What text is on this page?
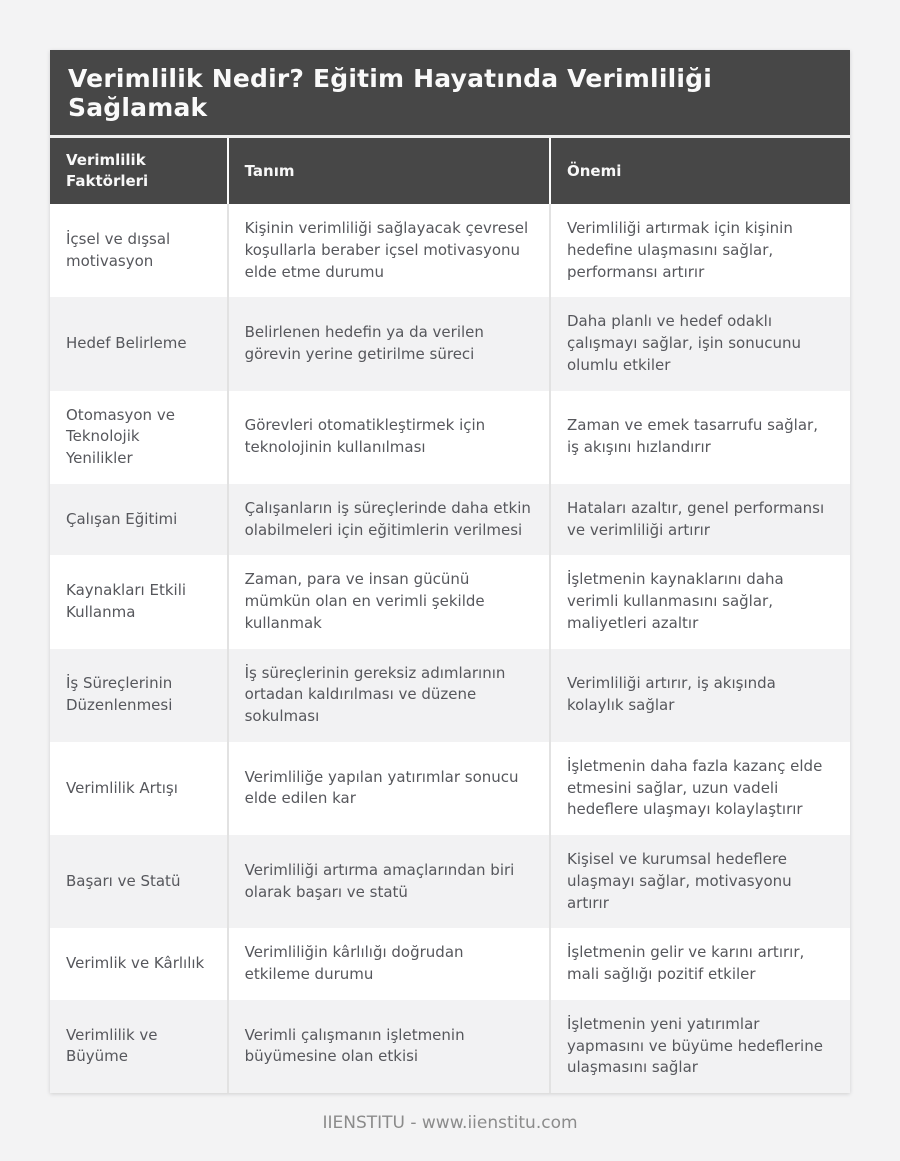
Verimlilik Nedir? Eğitim Hayatında Verimliliği Sağlamak
Verimlilik Faktörleri	Tanım	Önemi
İçsel ve dışsal motivasyon	Kişinin verimliliği sağlayacak çevresel koşullarla beraber içsel motivasyonu elde etme durumu	Verimliliği artırmak için kişinin hedefine ulaşmasını sağlar, performansı artırır
Hedef Belirleme	Belirlenen hedefin ya da verilen görevin yerine getirilme süreci	Daha planlı ve hedef odaklı çalışmayı sağlar, işin sonucunu olumlu etkiler
Otomasyon ve Teknolojik Yenilikler	Görevleri otomatikleştirmek için teknolojinin kullanılması	Zaman ve emek tasarrufu sağlar, iş akışını hızlandırır
Çalışan Eğitimi	Çalışanların iş süreçlerinde daha etkin olabilmeleri için eğitimlerin verilmesi	Hataları azaltır, genel performansı ve verimliliği artırır
Kaynakları Etkili Kullanma	Zaman, para ve insan gücünü mümkün olan en verimli şekilde kullanmak	İşletmenin kaynaklarını daha verimli kullanmasını sağlar, maliyetleri azaltır
İş Süreçlerinin Düzenlenmesi	İş süreçlerinin gereksiz adımlarının ortadan kaldırılması ve düzene sokulması	Verimliliği artırır, iş akışında kolaylık sağlar
Verimlilik Artışı	Verimliliğe yapılan yatırımlar sonucu elde edilen kar	İşletmenin daha fazla kazanç elde etmesini sağlar, uzun vadeli hedeflere ulaşmayı kolaylaştırır
Başarı ve Statü	Verimliliği artırma amaçlarından biri olarak başarı ve statü	Kişisel ve kurumsal hedeflere ulaşmayı sağlar, motivasyonu artırır
Verimlik ve Kârlılık	Verimliliğin kârlılığı doğrudan etkileme durumu	İşletmenin gelir ve karını artırır, mali sağlığı pozitif etkiler
Verimlilik ve Büyüme	Verimli çalışmanın işletmenin büyümesine olan etkisi	İşletmenin yeni yatırımlar yapmasını ve büyüme hedeflerine ulaşmasını sağlar
IIENSTITU - www.iienstitu.com
